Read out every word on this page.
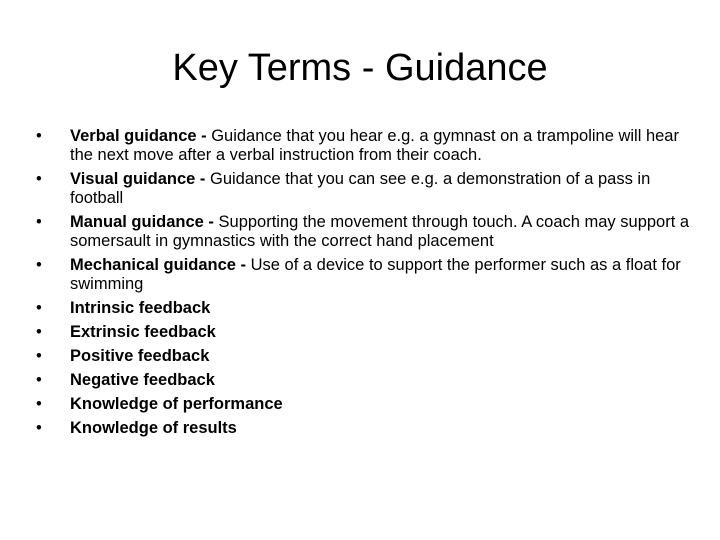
Key Terms - Guidance
•	Verbal guidance - Guidance that you hear e.g. a gymnast on a trampoline will hear the next move after a verbal instruction from their coach.
•	Visual guidance - Guidance that you can see e.g. a demonstration of a pass in football
•	Manual guidance - Supporting the movement through touch. A coach may support a somersault in gymnastics with the correct hand placement
•	Mechanical guidance - Use of a device to support the performer such as a float for swimming
•	Intrinsic feedback
•	Extrinsic feedback
•	Positive feedback
•	Negative feedback
•	Knowledge of performance
•	Knowledge of results
